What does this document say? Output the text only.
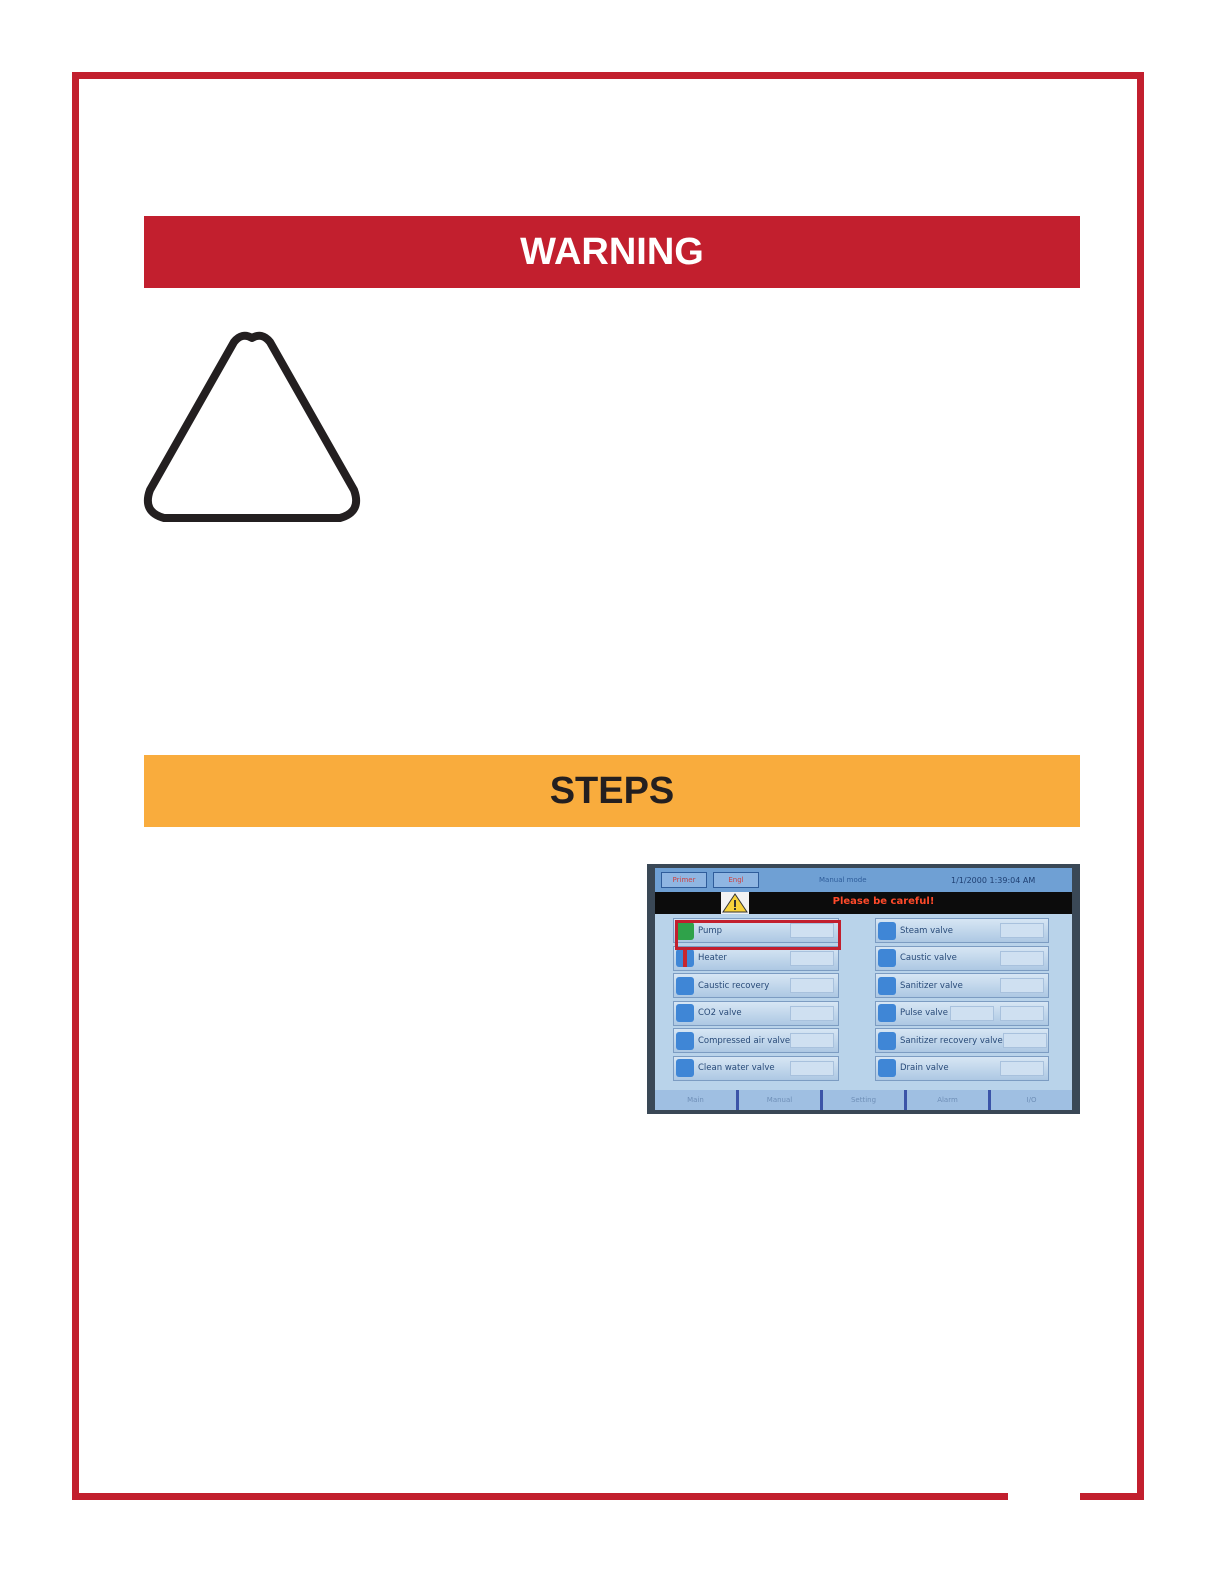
WARNING
STEPS
Primer	Engl	Manual mode	1/1/2000 1:39:04 AM
Please be careful!
Pump
Heater
Caustic recovery
CO2 valve
Compressed air valve
Clean water valve
Steam valve
Caustic valve
Sanitizer valve
Pulse valve
Sanitizer recovery valve
Drain valve
Main	Manual	Setting	Alarm	I/O
